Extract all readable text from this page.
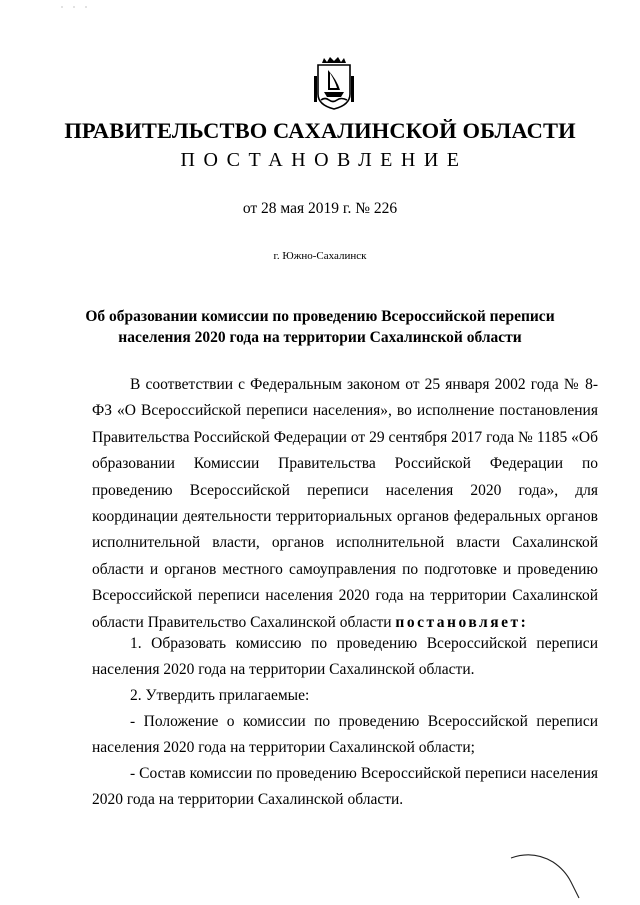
ПРАВИТЕЛЬСТВО САХАЛИНСКОЙ ОБЛАСТИ
ПОСТАНОВЛЕНИЕ
от 28 мая 2019 г. № 226
г. Южно-Сахалинск
Об образовании комиссии по проведению Всероссийской переписи
населения 2020 года на территории Сахалинской области

В соответствии с Федеральным законом от 25 января 2002 года № 8-ФЗ «О Всероссийской переписи населения», во исполнение постановления Правительства Российской Федерации от 29 сентября 2017 года № 1185 «Об образовании Комиссии Правительства Российской Федерации по проведению Всероссийской переписи населения 2020 года», для координации деятельности территориальных органов федеральных органов исполнительной власти, органов исполнительной власти Сахалинской области и органов местного самоуправления по подготовке и проведению Всероссийской переписи населения 2020 года на территории Сахалинской области Правительство Сахалинской области постановляет:

1. Образовать комиссию по проведению Всероссийской переписи населения 2020 года на территории Сахалинской области.

2. Утвердить прилагаемые:

- Положение о комиссии по проведению Всероссийской переписи населения 2020 года на территории Сахалинской области;

- Состав комиссии по проведению Всероссийской переписи населения 2020 года на территории Сахалинской области.
